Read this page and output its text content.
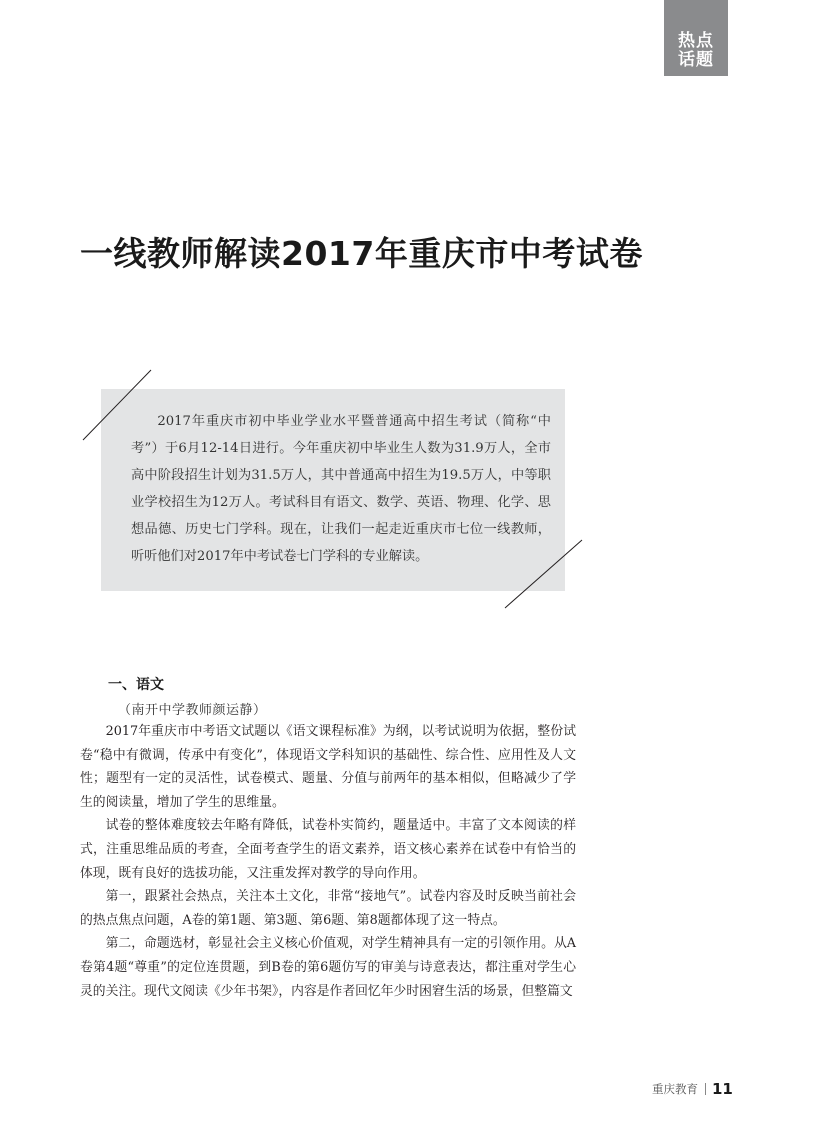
热点
话题
一线教师解读2017年重庆市中考试卷

2017年重庆市初中毕业学业水平暨普通高中招生考试（简称“中考”）于6月12-14日进行。今年重庆初中毕业生人数为31.9万人，全市高中阶段招生计划为31.5万人，其中普通高中招生为19.5万人，中等职业学校招生为12万人。考试科目有语文、数学、英语、物理、化学、思想品德、历史七门学科。现在，让我们一起走近重庆市七位一线教师，听听他们对2017年中考试卷七门学科的专业解读。

一、语文

（南开中学教师颜运静）

2017年重庆市中考语文试题以《语文课程标准》为纲，以考试说明为依据，整份试卷“稳中有微调，传承中有变化”，体现语文学科知识的基础性、综合性、应用性及人文性；题型有一定的灵活性，试卷模式、题量、分值与前两年的基本相似，但略减少了学生的阅读量，增加了学生的思维量。

试卷的整体难度较去年略有降低，试卷朴实简约，题量适中。丰富了文本阅读的样式，注重思维品质的考查，全面考查学生的语文素养，语文核心素养在试卷中有恰当的体现，既有良好的选拔功能，又注重发挥对教学的导向作用。

第一，跟紧社会热点，关注本土文化，非常“接地气”。试卷内容及时反映当前社会的热点焦点问题，A卷的第1题、第3题、第6题、第8题都体现了这一特点。

第二，命题选材，彰显社会主义核心价值观，对学生精神具有一定的引领作用。从A卷第4题“尊重”的定位连贯题，到B卷的第6题仿写的审美与诗意表达，都注重对学生心灵的关注。现代文阅读《少年书架》，内容是作者回忆年少时困窘生活的场景，但整篇文

重庆教育 11
